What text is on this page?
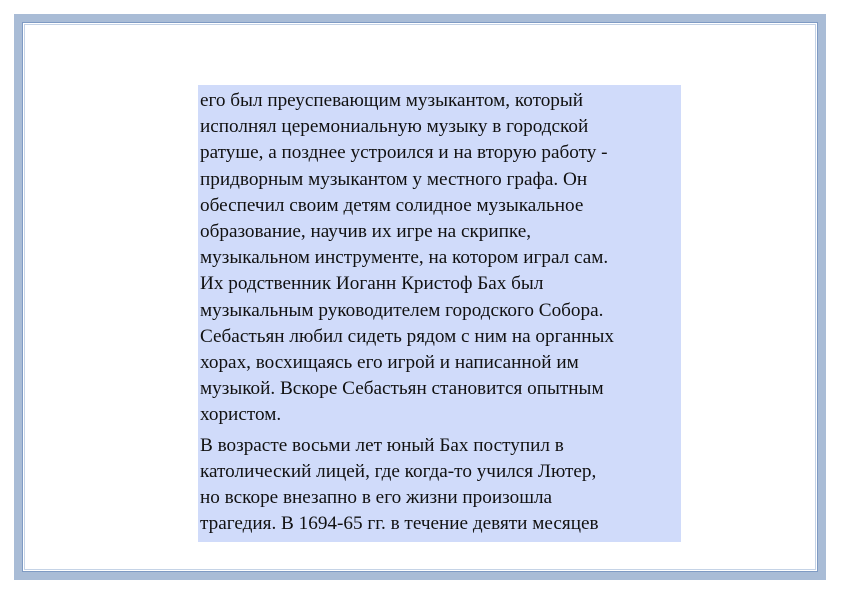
его был преуспевающим музыкантом, который
исполнял церемониальную музыку в городской
ратуше, а позднее устроился и на вторую работу -
придворным музыкантом у местного графа. Он
обеспечил своим детям солидное музыкальное
образование, научив их игре на скрипке,
музыкальном инструменте, на котором играл сам.
Их родственник Иоганн Кристоф Бах был
музыкальным руководителем городского Собора.
Себастьян любил сидеть рядом с ним на органных
хорах, восхищаясь его игрой и написанной им
музыкой. Вскоре Себастьян становится опытным
хористом.
В возрасте восьми лет юный Бах поступил в
католический лицей, где когда-то учился Лютер,
но вскоре внезапно в его жизни произошла
трагедия. В 1694-65 гг. в течение девяти месяцев
